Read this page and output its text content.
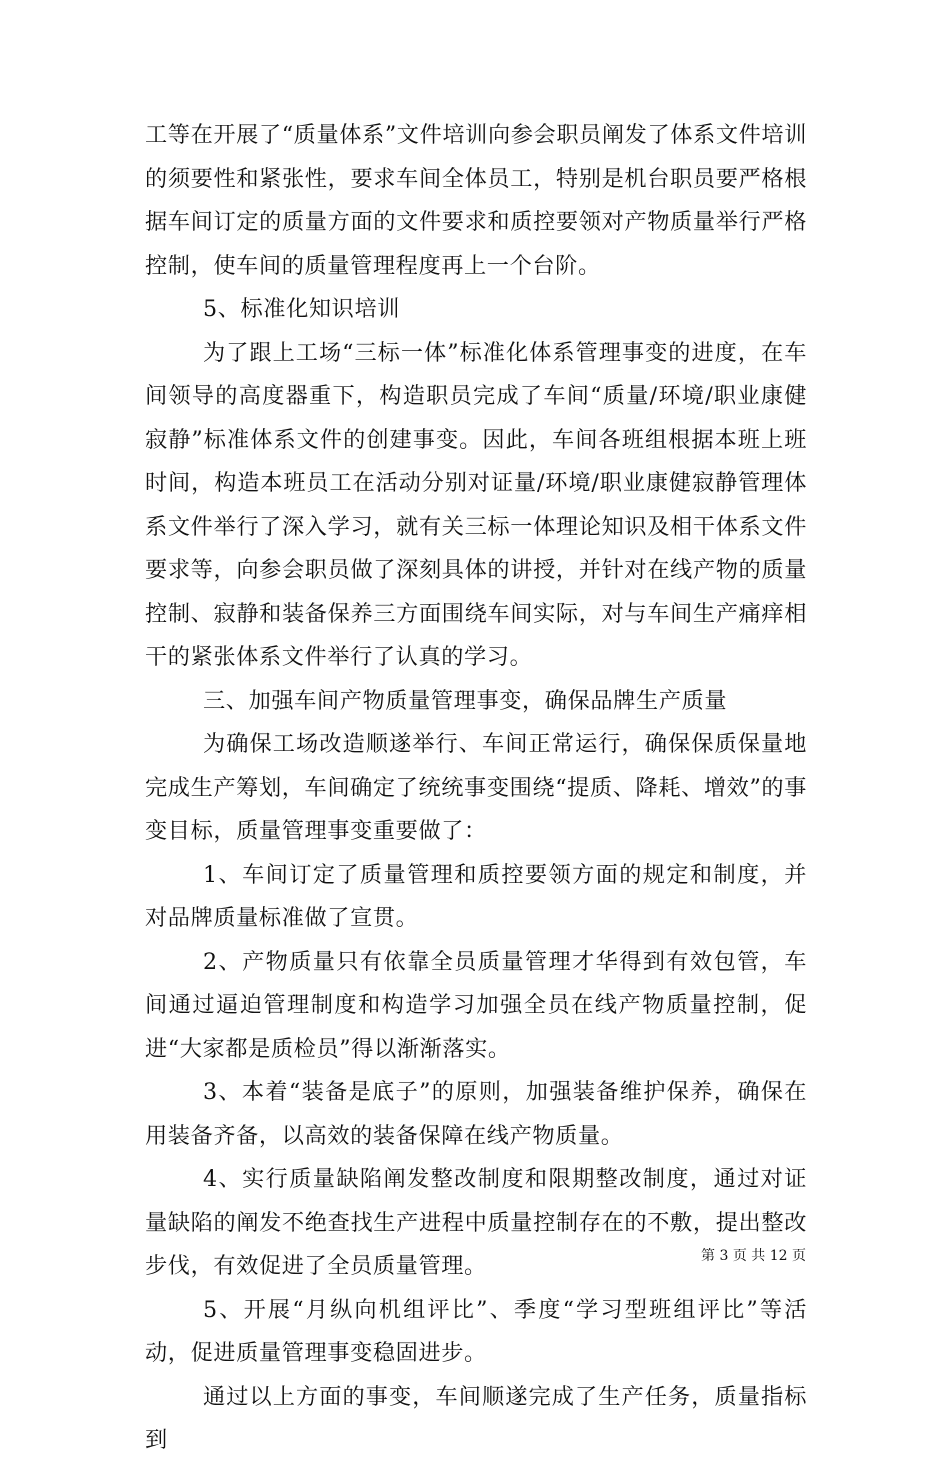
工等在开展了“质量体系”文件培训向参会职员阐发了体系文件培训的须要性和紧张性，要求车间全体员工，特别是机台职员要严格根据车间订定的质量方面的文件要求和质控要领对产物质量举行严格控制，使车间的质量管理程度再上一个台阶。

5、标准化知识培训

为了跟上工场“三标一体”标准化体系管理事变的进度，在车间领导的高度器重下，构造职员完成了车间“质量/环境/职业康健寂静”标准体系文件的创建事变。因此，车间各班组根据本班上班时间，构造本班员工在活动分别对证量/环境/职业康健寂静管理体系文件举行了深入学习，就有关三标一体理论知识及相干体系文件要求等，向参会职员做了深刻具体的讲授，并针对在线产物的质量控制、寂静和装备保养三方面围绕车间实际，对与车间生产痛痒相干的紧张体系文件举行了认真的学习。

三、加强车间产物质量管理事变，确保品牌生产质量

为确保工场改造顺遂举行、车间正常运行，确保保质保量地完成生产筹划，车间确定了统统事变围绕“提质、降耗、增效”的事变目标，质量管理事变重要做了：

1、车间订定了质量管理和质控要领方面的规定和制度，并对品牌质量标准做了宣贯。

2、产物质量只有依靠全员质量管理才华得到有效包管，车间通过逼迫管理制度和构造学习加强全员在线产物质量控制，促进“大家都是质检员”得以渐渐落实。

3、本着“装备是底子”的原则，加强装备维护保养，确保在用装备齐备，以高效的装备保障在线产物质量。

4、实行质量缺陷阐发整改制度和限期整改制度，通过对证量缺陷的阐发不绝查找生产进程中质量控制存在的不敷，提出整改步伐，有效促进了全员质量管理。

5、开展“月纵向机组评比”、季度“学习型班组评比”等活动，促进质量管理事变稳固进步。

通过以上方面的事变，车间顺遂完成了生产任务，质量指标到

第 3 页 共 12 页
